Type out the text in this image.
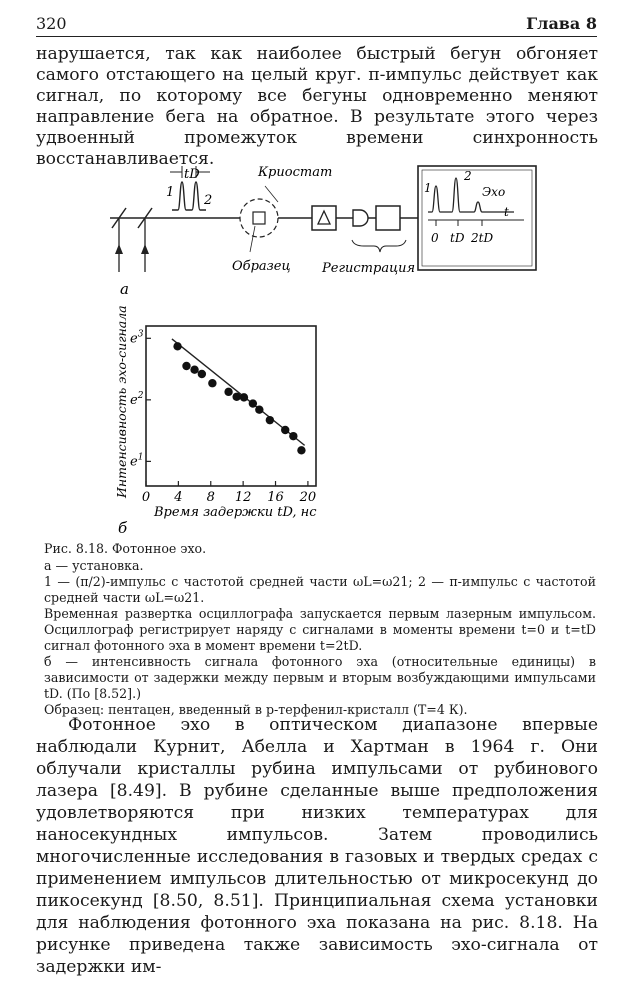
320	Глава 8

нарушается, так как наиболее быстрый бегун обгоняет самого отстающего на целый круг. π-импульс действует как сигнал, по которому все бегуны одновременно меняют направление бега на обратное. В результате этого через удвоенный промежуток времени синхронность восстанавливается.

1
2
tD	Криостат
Образец Регистрация
1
2
Эхо
t
0 tD 2tD
а
Интенсивность эхо-сигнала
Время задержки tD, нс
б
0 4 8 12 16 20
$e^1$
$e^2$
$e^3$

Рис. 8.18. Фотонное эхо.

а — установка.

1 — (π/2)-импульс с частотой средней части ωL=ω21; 2 — π-импульс с частотой средней части ωL=ω21.

Временная развертка осциллографа запускается первым лазерным импульсом. Осциллограф регистрирует наряду с сигналами в моменты времени t=0 и t=tD сигнал фотонного эха в момент времени t=2tD.

б — интенсивность сигнала фотонного эха (относительные единицы) в зависимости от задержки между первым и вторым возбуждающими импульсами tD. (По [8.52].)

Образец: пентацен, введенный в p-терфенил-кристалл (T=4 К).

Фотонное эхо в оптическом диапазоне впервые наблюдали Курнит, Абелла и Хартман в 1964 г. Они облучали кристаллы рубина импульсами от рубинового лазера [8.49]. В рубине сделанные выше предположения удовлетворяются при низких температурах для наносекундных импульсов. Затем проводились многочисленные исследования в газовых и твердых средах с применением импульсов длительностью от микросекунд до пикосекунд [8.50, 8.51]. Принципиальная схема установки для наблюдения фотонного эха показана на рис. 8.18. На рисунке приведена также зависимость эхо-сигнала от задержки им-
